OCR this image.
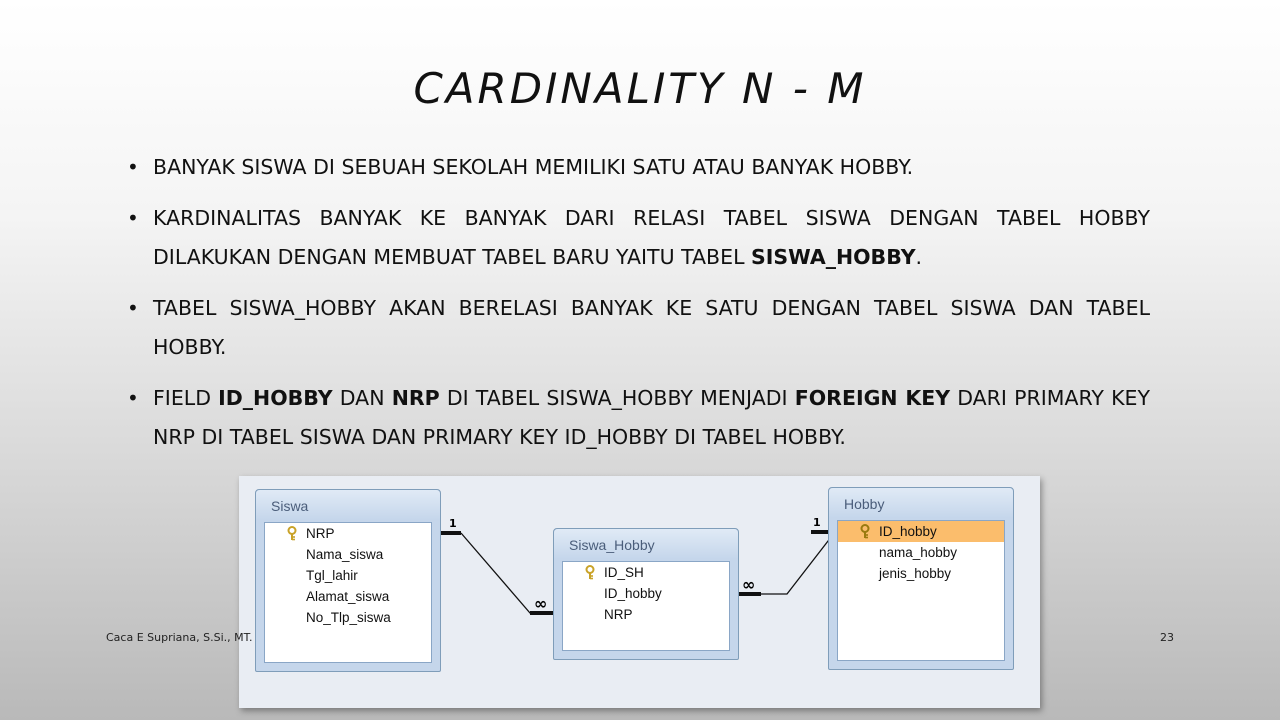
CARDINALITY N - M
• BANYAK SISWA DI SEBUAH SEKOLAH MEMILIKI SATU ATAU BANYAK HOBBY.
• KARDINALITAS BANYAK KE BANYAK DARI RELASI TABEL SISWA DENGAN TABEL HOBBY DILAKUKAN DENGAN MEMBUAT TABEL BARU YAITU TABEL SISWA_HOBBY.
• TABEL SISWA_HOBBY AKAN BERELASI BANYAK KE SATU DENGAN TABEL SISWA DAN TABEL HOBBY.
• FIELD ID_HOBBY DAN NRP DI TABEL SISWA_HOBBY MENJADI FOREIGN KEY DARI PRIMARY KEY NRP DI TABEL SISWA DAN PRIMARY KEY ID_HOBBY DI TABEL HOBBY.
1
∞
1
∞
Siswa
NRP
Nama_siswa
Tgl_lahir
Alamat_siswa
No_Tlp_siswa
Siswa_Hobby
ID_SH
ID_hobby
NRP
Hobby
ID_hobby
nama_hobby
jenis_hobby
Caca E Supriana, S.Si., MT.	23
